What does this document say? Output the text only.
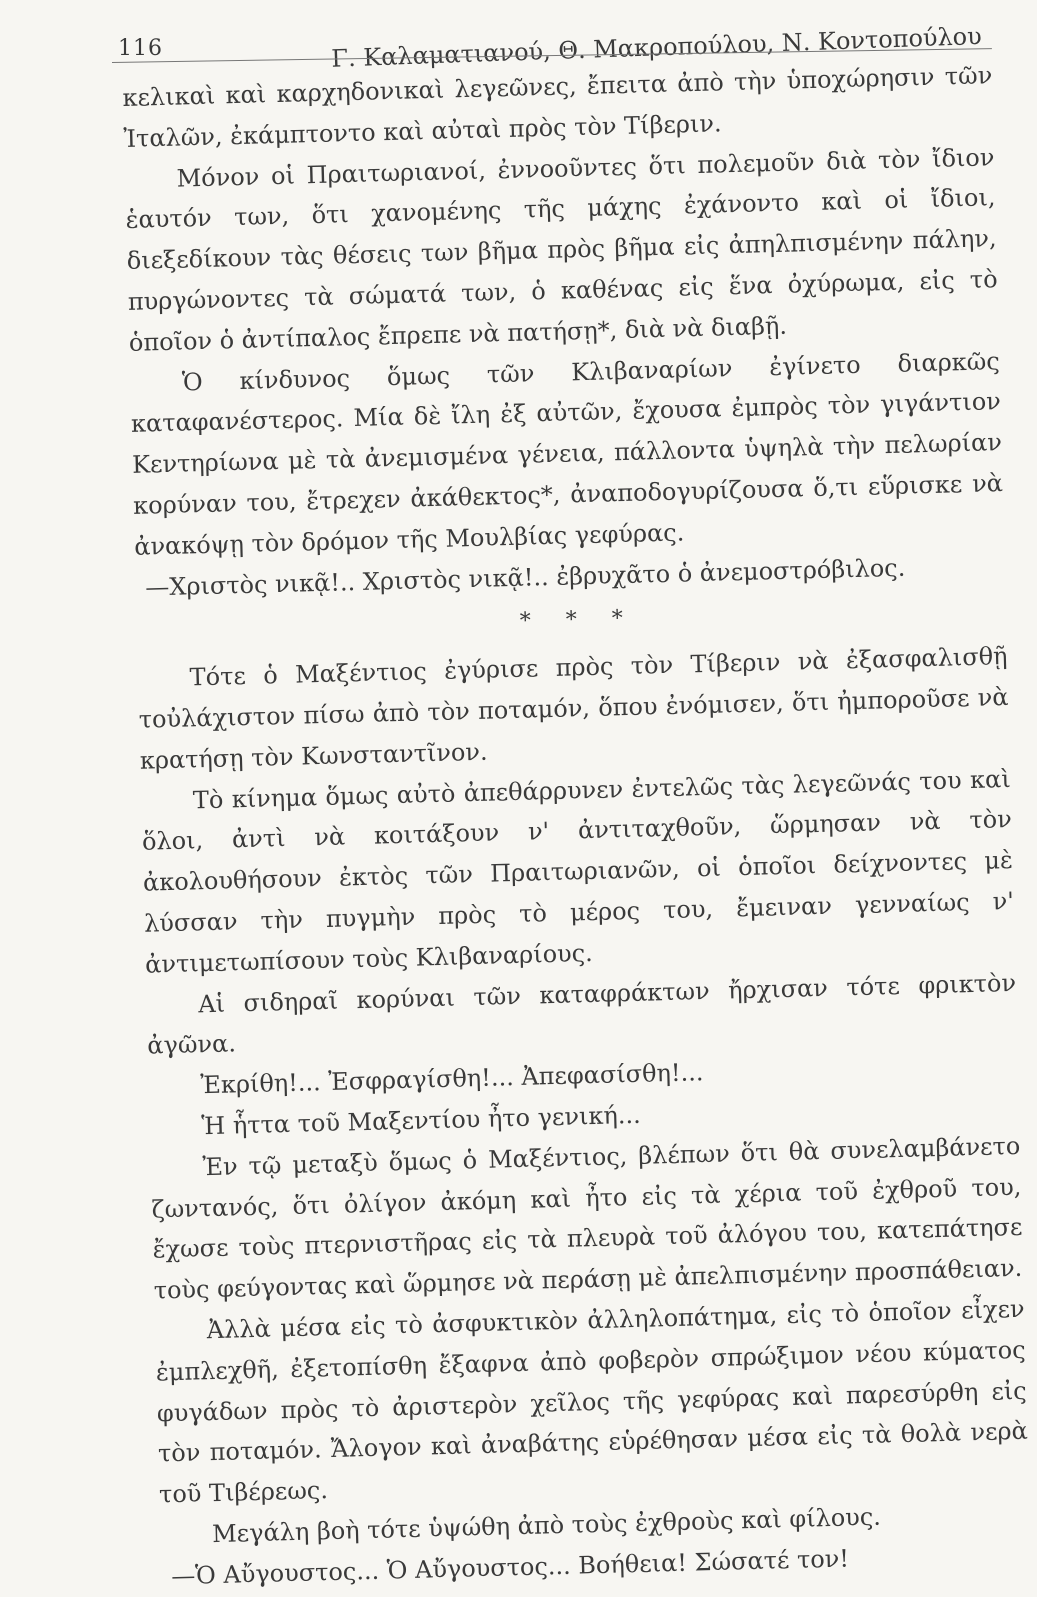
116	Γ. Καλαματιανού, Θ. Μακροπούλου, Ν. Κοντοπούλου

κελικαὶ καὶ καρχηδονικαὶ λεγεῶνες, ἔπειτα ἀπὸ τὴν ὑποχώρησιν τῶν Ἰταλῶν, ἐκάμπτοντο καὶ αὐταὶ πρὸς τὸν Τίβεριν.

Μόνον οἱ Πραιτωριανοί, ἐννοοῦντες ὅτι πολεμοῦν διὰ τὸν ἴδιον ἑαυτόν των, ὅτι χανομένης τῆς μάχης ἐχάνοντο καὶ οἱ ἴδιοι, διεξεδίκουν τὰς θέσεις των βῆμα πρὸς βῆμα εἰς ἀπηλπισμένην πάλην, πυργώνοντες τὰ σώματά των, ὁ καθένας εἰς ἕνα ὀχύρωμα, εἰς τὸ ὁποῖον ὁ ἀντίπαλος ἔπρεπε νὰ πατήσῃ*, διὰ νὰ διαβῇ.

Ὁ κίνδυνος ὅμως τῶν Κλιβαναρίων ἐγίνετο διαρκῶς καταφανέστερος. Μία δὲ ἴλη ἐξ αὐτῶν, ἔχουσα ἐμπρὸς τὸν γιγάντιον Κεντηρίωνα μὲ τὰ ἀνεμισμένα γένεια, πάλλοντα ὑψηλὰ τὴν πελωρίαν κορύναν του, ἔτρεχεν ἀκάθεκτος*, ἀναποδογυρίζουσα ὅ,τι εὕρισκε νὰ ἀνακόψῃ τὸν δρόμον τῆς Μουλβίας γεφύρας.

—Χριστὸς νικᾷ!.. Χριστὸς νικᾷ!.. ἐβρυχᾶτο ὁ ἀνεμοστρόβιλος.

* * *

Τότε ὁ Μαξέντιος ἐγύρισε πρὸς τὸν Τίβεριν νὰ ἐξασφαλισθῇ τοὐλάχιστον πίσω ἀπὸ τὸν ποταμόν, ὅπου ἐνόμισεν, ὅτι ἠμποροῦσε νὰ κρατήσῃ τὸν Κωνσταντῖνον.

Τὸ κίνημα ὅμως αὐτὸ ἀπεθάρρυνεν ἐντελῶς τὰς λεγεῶνάς του καὶ ὅλοι, ἀντὶ νὰ κοιτάξουν ν' ἀντιταχθοῦν, ὥρμησαν νὰ τὸν ἀκολουθήσουν ἐκτὸς τῶν Πραιτωριανῶν, οἱ ὁποῖοι δείχνοντες μὲ λύσσαν τὴν πυγμὴν πρὸς τὸ μέρος του, ἔμειναν γενναίως ν' ἀντιμετωπίσουν τοὺς Κλιβαναρίους.

Αἱ σιδηραῖ κορύναι τῶν καταφράκτων ἤρχισαν τότε φρικτὸν ἀγῶνα.

Ἐκρίθη!... Ἐσφραγίσθη!... Ἀπεφασίσθη!...

Ἡ ἧττα τοῦ Μαξεντίου ἦτο γενική...

Ἐν τῷ μεταξὺ ὅμως ὁ Μαξέντιος, βλέπων ὅτι θὰ συνελαμβάνετο ζωντανός, ὅτι ὀλίγον ἀκόμη καὶ ἦτο εἰς τὰ χέρια τοῦ ἐχθροῦ του, ἔχωσε τοὺς πτερνιστῆρας εἰς τὰ πλευρὰ τοῦ ἀλόγου του, κατεπάτησε τοὺς φεύγοντας καὶ ὥρμησε νὰ περάσῃ μὲ ἀπελπισμένην προσπάθειαν.

Ἀλλὰ μέσα εἰς τὸ ἀσφυκτικὸν ἀλληλοπάτημα, εἰς τὸ ὁποῖον εἶχεν ἐμπλεχθῆ, ἐξετοπίσθη ἔξαφνα ἀπὸ φοβερὸν σπρώξιμον νέου κύματος φυγάδων πρὸς τὸ ἀριστερὸν χεῖλος τῆς γεφύρας καὶ παρεσύρθη εἰς τὸν ποταμόν. Ἄλογον καὶ ἀναβάτης εὑρέθησαν μέσα εἰς τὰ θολὰ νερὰ τοῦ Τιβέρεως.

Μεγάλη βοὴ τότε ὑψώθη ἀπὸ τοὺς ἐχθροὺς καὶ φίλους.

—Ὁ Αὔγουστος... Ὁ Αὔγουστος... Βοήθεια! Σώσατέ τον!
